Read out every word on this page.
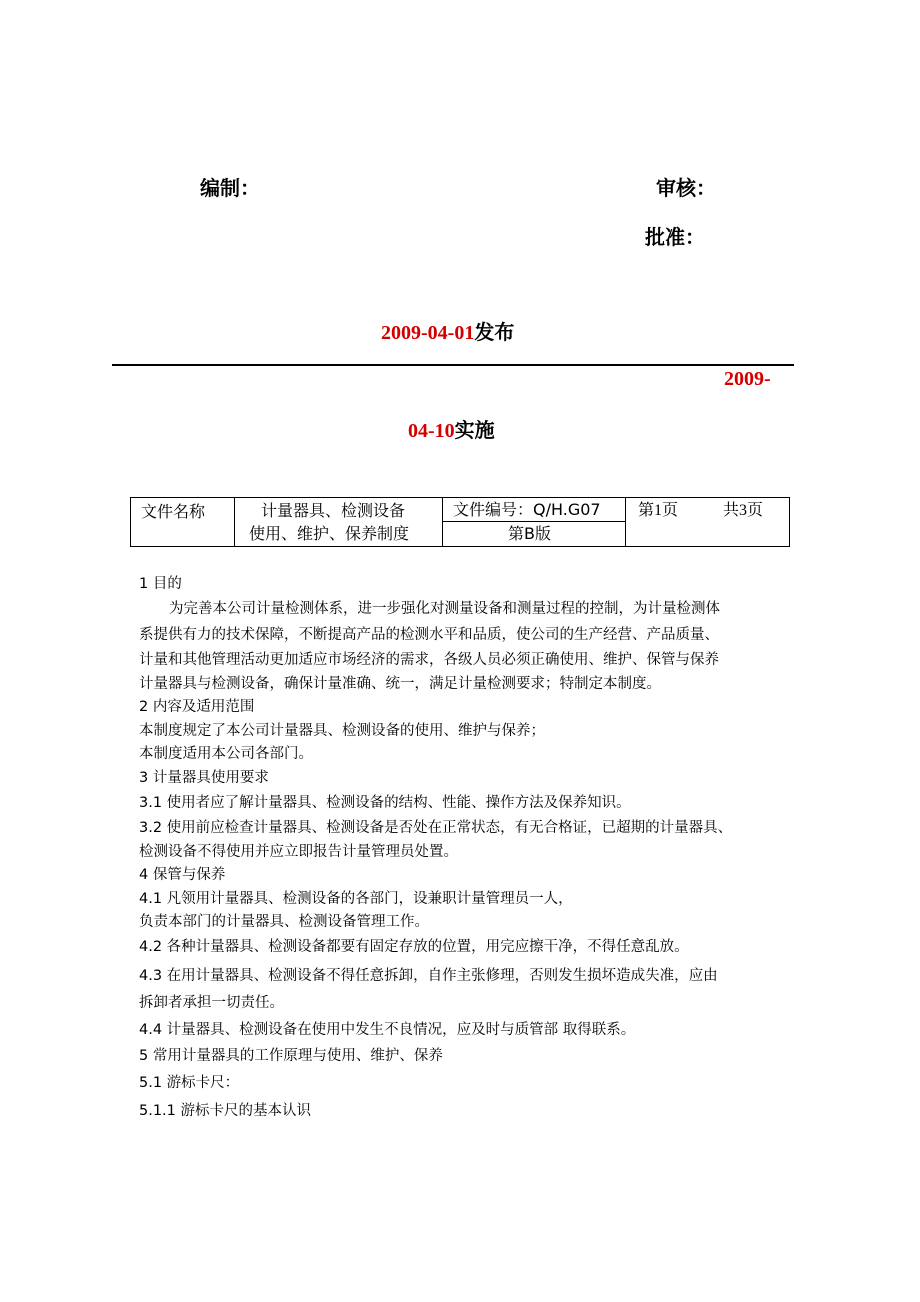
编制：	审核：
批准：
2009-04-01发布
2009-
04-10实施
文件名称	计量器具、检测设备
使用、维护、保养制度
文件编号：Q/H.G07
第B版
第1页	共3页
1 目的
为完善本公司计量检测体系，进一步强化对测量设备和测量过程的控制，为计量检测体
系提供有力的技术保障，不断提高产品的检测水平和品质，使公司的生产经营、产品质量、
计量和其他管理活动更加适应市场经济的需求，各级人员必须正确使用、维护、保管与保养
计量器具与检测设备，确保计量准确、统一，满足计量检测要求；特制定本制度。
2 内容及适用范围
本制度规定了本公司计量器具、检测设备的使用、维护与保养；
本制度适用本公司各部门。
3 计量器具使用要求
3.1 使用者应了解计量器具、检测设备的结构、性能、操作方法及保养知识。
3.2 使用前应检查计量器具、检测设备是否处在正常状态，有无合格证，已超期的计量器具、
检测设备不得使用并应立即报告计量管理员处置。
4 保管与保养
4.1 凡领用计量器具、检测设备的各部门，设兼职计量管理员一人，
负责本部门的计量器具、检测设备管理工作。
4.2 各种计量器具、检测设备都要有固定存放的位置，用完应擦干净，不得任意乱放。
4.3 在用计量器具、检测设备不得任意拆卸，自作主张修理，否则发生损坏造成失准，应由
拆卸者承担一切责任。
4.4 计量器具、检测设备在使用中发生不良情况，应及时与质管部 取得联系。
5 常用计量器具的工作原理与使用、维护、保养
5.1 游标卡尺：
5.1.1 游标卡尺的基本认识
